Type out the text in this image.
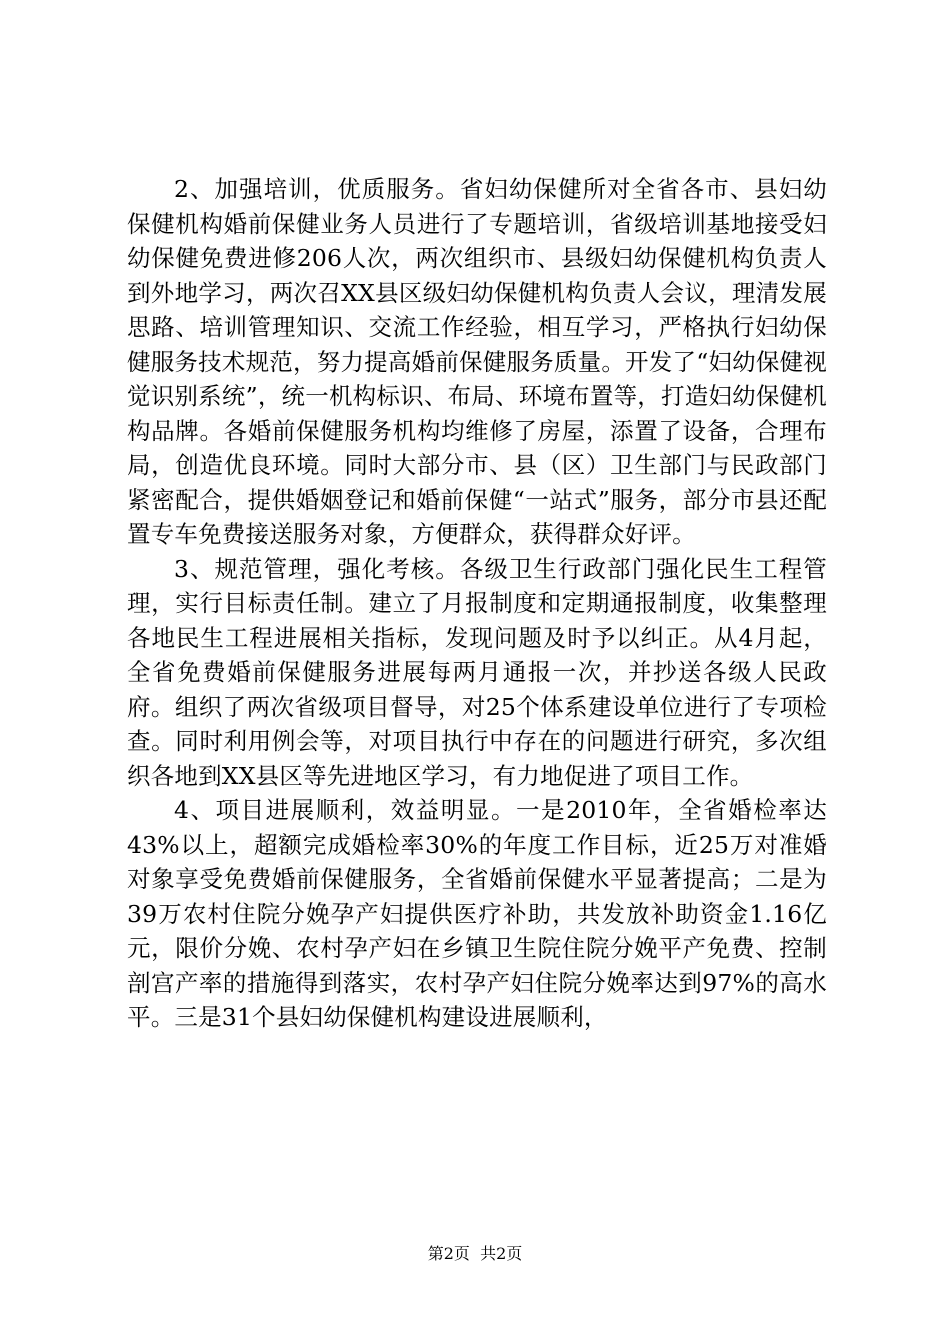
2、加强培训，优质服务。省妇幼保健所对全省各市、县妇幼保健机构婚前保健业务人员进行了专题培训，省级培训基地接受妇幼保健免费进修206人次，两次组织市、县级妇幼保健机构负责人到外地学习，两次召XX县区级妇幼保健机构负责人会议，理清发展思路、培训管理知识、交流工作经验，相互学习，严格执行妇幼保健服务技术规范，努力提高婚前保健服务质量。开发了“妇幼保健视觉识别系统”，统一机构标识、布局、环境布置等，打造妇幼保健机构品牌。各婚前保健服务机构均维修了房屋，添置了设备，合理布局，创造优良环境。同时大部分市、县（区）卫生部门与民政部门紧密配合，提供婚姻登记和婚前保健“一站式”服务，部分市县还配置专车免费接送服务对象，方便群众，获得群众好评。

3、规范管理，强化考核。各级卫生行政部门强化民生工程管理，实行目标责任制。建立了月报制度和定期通报制度，收集整理各地民生工程进展相关指标，发现问题及时予以纠正。从4月起，全省免费婚前保健服务进展每两月通报一次，并抄送各级人民政府。组织了两次省级项目督导，对25个体系建设单位进行了专项检查。同时利用例会等，对项目执行中存在的问题进行研究，多次组织各地到XX县区等先进地区学习，有力地促进了项目工作。

4、项目进展顺利，效益明显。一是2010年，全省婚检率达43%以上，超额完成婚检率30%的年度工作目标，近25万对准婚对象享受免费婚前保健服务，全省婚前保健水平显著提高；二是为39万农村住院分娩孕产妇提供医疗补助，共发放补助资金1.16亿元，限价分娩、农村孕产妇在乡镇卫生院住院分娩平产免费、控制剖宫产率的措施得到落实，农村孕产妇住院分娩率达到97%的高水平。三是31个县妇幼保健机构建设进展顺利，

第2页 共2页
